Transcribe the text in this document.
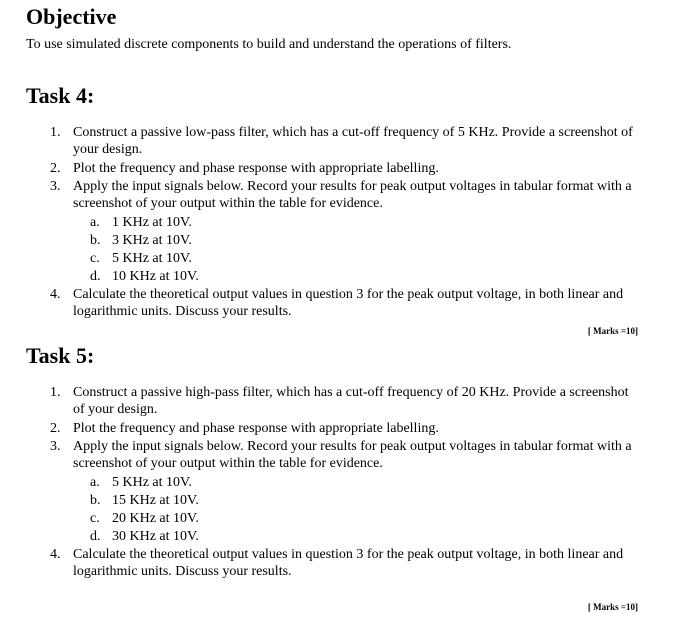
Objective
To use simulated discrete components to build and understand the operations of filters.
Task 4:
1. Construct a passive low-pass filter, which has a cut-off frequency of 5 KHz. Provide a screenshot of your design.
2. Plot the frequency and phase response with appropriate labelling.
3. Apply the input signals below. Record your results for peak output voltages in tabular format with a screenshot of your output within the table for evidence.
a. 1 KHz at 10V.
b. 3 KHz at 10V.
c. 5 KHz at 10V.
d. 10 KHz at 10V.
4. Calculate the theoretical output values in question 3 for the peak output voltage, in both linear and logarithmic units. Discuss your results.
[ Marks =10]
Task 5:
1. Construct a passive high-pass filter, which has a cut-off frequency of 20 KHz. Provide a screenshot of your design.
2. Plot the frequency and phase response with appropriate labelling.
3. Apply the input signals below. Record your results for peak output voltages in tabular format with a screenshot of your output within the table for evidence.
a. 5 KHz at 10V.
b. 15 KHz at 10V.
c. 20 KHz at 10V.
d. 30 KHz at 10V.
4. Calculate the theoretical output values in question 3 for the peak output voltage, in both linear and logarithmic units. Discuss your results.
[ Marks =10]
